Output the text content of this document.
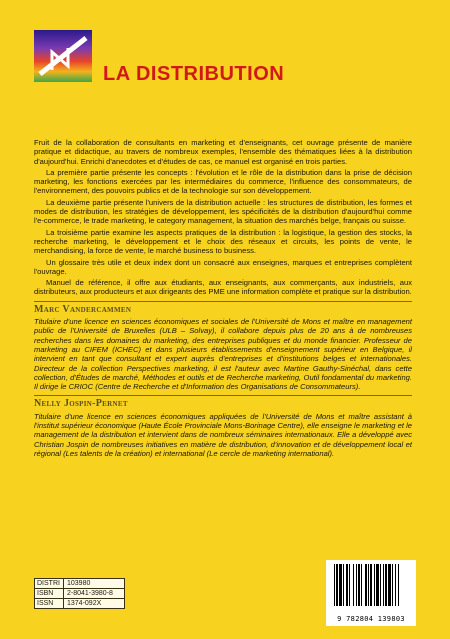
LA DISTRIBUTION

Fruit de la collaboration de consultants en marketing et d'enseignants, cet ouvrage présente de manière pratique et didactique, au travers de nombreux exemples, l'ensemble des thématiques liées à la distribution d'aujourd'hui. Enrichi d'anecdotes et d'études de cas, ce manuel est organisé en trois parties.

La première partie présente les concepts : l'évolution et le rôle de la distribution dans la prise de décision marketing, les fonctions exercées par les intermédiaires du commerce, l'influence des consommateurs, de l'environnement, des pouvoirs publics et de la technologie sur son développement.

La deuxième partie présente l'univers de la distribution actuelle : les structures de distribution, les formes et modes de distribution, les stratégies de développement, les spécificités de la distribution d'aujourd'hui comme l'e-commerce, le trade marketing, le category management, la situation des marchés belge, français ou suisse.

La troisième partie examine les aspects pratiques de la distribution : la logistique, la gestion des stocks, la recherche marketing, le développement et le choix des réseaux et circuits, les points de vente, le merchandising, la force de vente, le marché business to business.

Un glossaire très utile et deux index dont un consacré aux enseignes, marques et entreprises complètent l'ouvrage.

Manuel de référence, il offre aux étudiants, aux enseignants, aux commerçants, aux industriels, aux distributeurs, aux producteurs et aux dirigeants des PME une information complète et pratique sur la distribution.

Marc Vandercammen

Titulaire d'une licence en sciences économiques et sociales de l'Université de Mons et maître en management public de l'Université de Bruxelles (ULB – Solvay), il collabore depuis plus de 20 ans à de nombreuses recherches dans les domaines du marketing, des entreprises publiques et du monde financier. Professeur de marketing au CIFEM (ICHEC) et dans plusieurs établissements d'enseignement supérieur en Belgique, il intervient en tant que consultant et expert auprès d'entreprises et d'institutions belges et internationales. Directeur de la collection Perspectives marketing, il est l'auteur avec Martine Gauthy-Sinéchal, dans cette collection, d'Études de marché, Méthodes et outils et de Recherche marketing, Outil fondamental du marketing. Il dirige le CRIOC (Centre de Recherche et d'Information des Organisations de Consommateurs).

Nelly Jospin-Pernet

Titulaire d'une licence en sciences économiques appliquées de l'Université de Mons et maître assistant à l'institut supérieur économique (Haute École Provinciale Mons-Borinage Centre), elle enseigne le marketing et le management de la distribution et intervient dans de nombreux séminaires internationaux. Elle a développé avec Christian Jospin de nombreuses initiatives en matière de distribution, d'innovation et de développement local et régional (Les talents de la création) et international (Le cercle de marketing international).

DISTRI	103980
ISBN	2-8041-3980-8
ISSN	1374-092X
9 782804 139803
